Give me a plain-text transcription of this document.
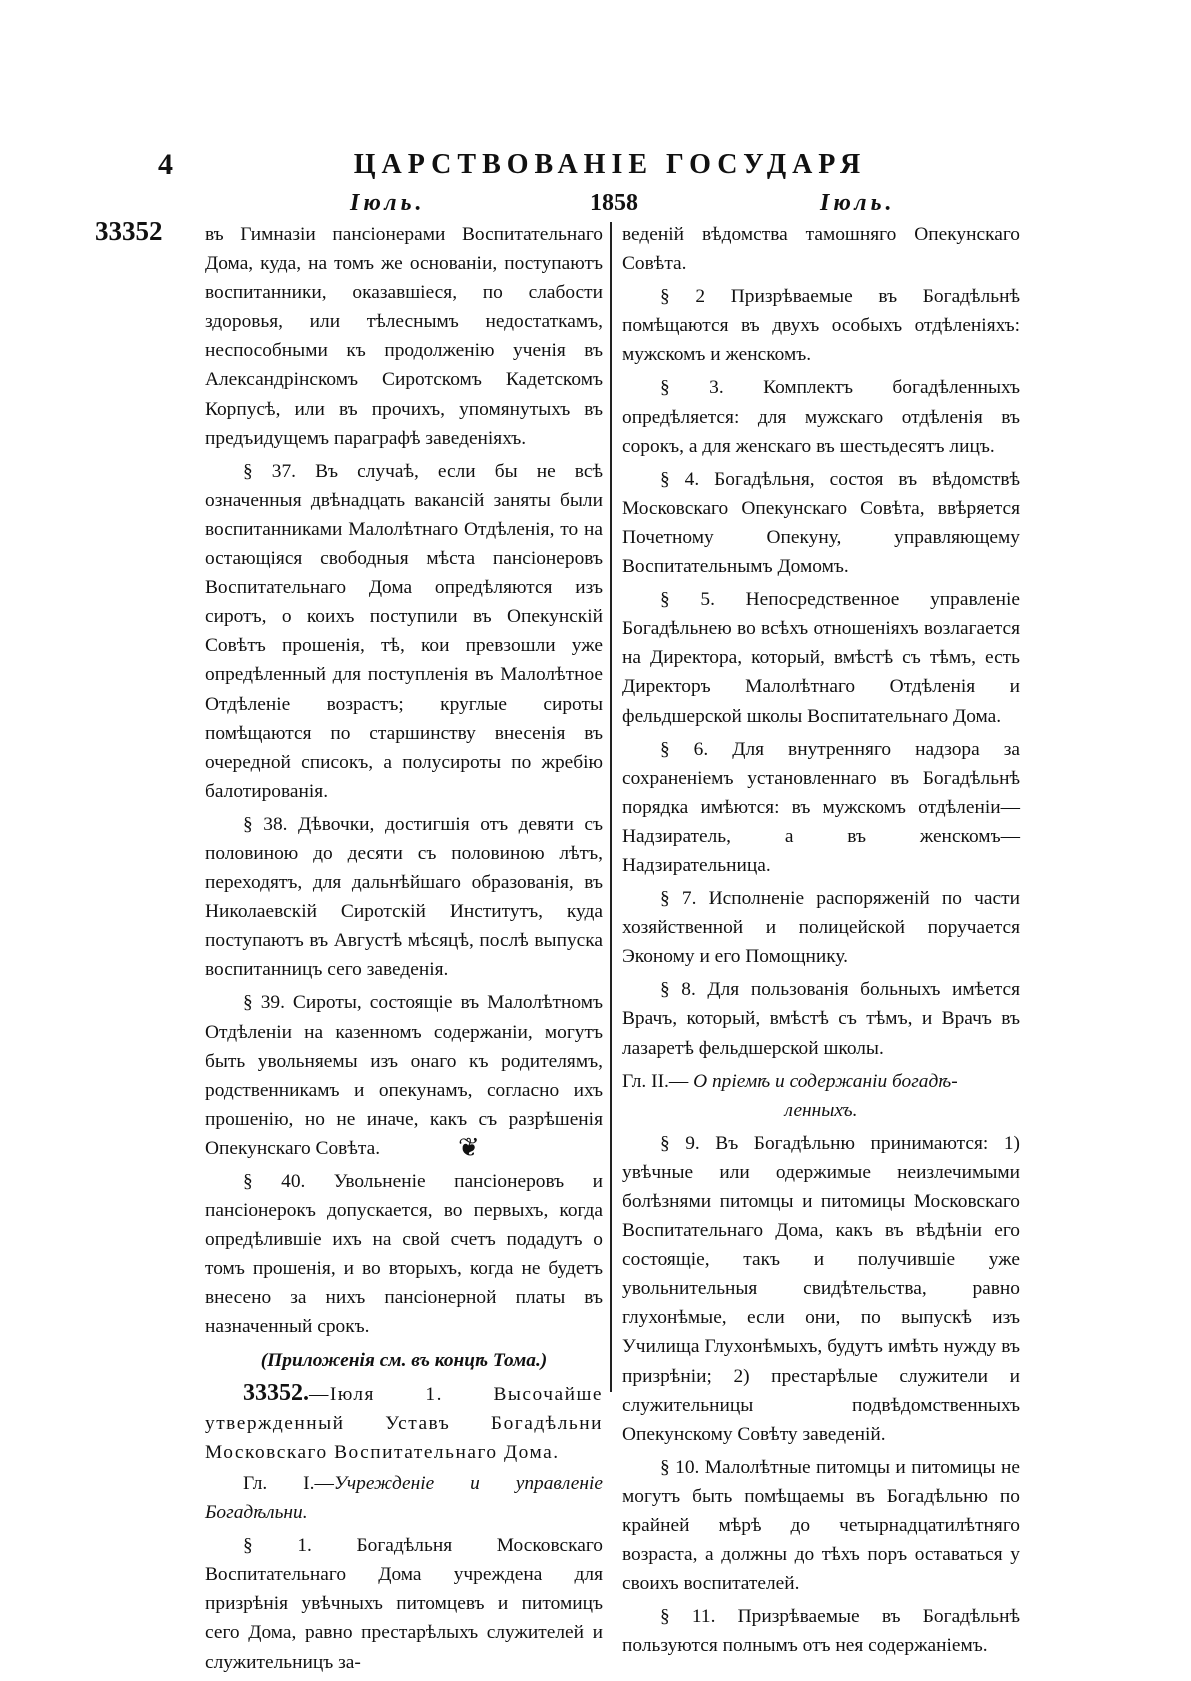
4	ЦАРСТВОВАНІЕ ГОСУДАРЯ
Іюль.	1858	Іюль.
33352 въ Гимназіи пансіонерами Воспитательнаго Дома, куда, на томъ же основаніи, поступаютъ воспитанники, оказавшіеся, по слабости здоровья, или тѣлеснымъ недостаткамъ, неспособными къ продолженію ученія въ Александрінскомъ Сиротскомъ Кадетскомъ Корпусѣ, или въ прочихъ, упомянутыхъ въ предъидущемъ параграфѣ заведеніяхъ.

§ 37. Въ случаѣ, если бы не всѣ означенныя двѣнадцать вакансій заняты были воспитанниками Малолѣтнаго Отдѣленія, то на остающіяся свободныя мѣста пансіонеровъ Воспитательнаго Дома опредѣляются изъ сиротъ, о коихъ поступили въ Опекунскій Совѣтъ прошенія, тѣ, кои превзошли уже опредѣленный для поступленія въ Малолѣтное Отдѣленіе возрастъ; круглые сироты помѣщаются по старшинству внесенія въ очередной списокъ, а полусироты по жребію балотированія.

§ 38. Дѣвочки, достигшія отъ девяти съ половиною до десяти съ половиною лѣтъ, переходятъ, для дальнѣйшаго образованія, въ Николаевскій Сиротскій Институтъ, куда поступаютъ въ Августѣ мѣсяцѣ, послѣ выпуска воспитанницъ сего заведенія.

§ 39. Сироты, состоящіе въ Малолѣтномъ Отдѣленіи на казенномъ содержаніи, могутъ быть увольняемы изъ онаго къ родителямъ, родственникамъ и опекунамъ, согласно ихъ прошенію, но не иначе, какъ съ разрѣшенія Опекунскаго Совѣта.

§ 40. Увольненіе пансіонеровъ и пансіонерокъ допускается, во первыхъ, когда опредѣлившіе ихъ на свой счетъ подадутъ о томъ прошенія, и во вторыхъ, когда не будетъ внесено за нихъ пансіонерной платы въ назначенный срокъ.

(Приложенія см. въ концѣ Тома.)

33352.—Іюля 1. Высочайше утвержденный Уставъ Богадѣльни Московскаго Воспитательнаго Дома.

Гл. I.—Учрежденіе и управленіе Богадѣльни.

§ 1. Богадѣльня Московскаго Воспитательнаго Дома учреждена для призрѣнія увѣчныхъ питомцевъ и питомицъ сего Дома, равно престарѣлыхъ служителей и служительницъ за-

веденій вѣдомства тамошняго Опекунскаго Совѣта.

§ 2 Призрѣваемые въ Богадѣльнѣ помѣщаются въ двухъ особыхъ отдѣленіяхъ: мужскомъ и женскомъ.

§ 3. Комплектъ богадѣленныхъ опредѣляется: для мужскаго отдѣленія въ сорокъ, а для женскаго въ шестьдесятъ лицъ.

§ 4. Богадѣльня, состоя въ вѣдомствѣ Московскаго Опекунскаго Совѣта, ввѣряется Почетному Опекуну, управляющему Воспитательнымъ Домомъ.

§ 5. Непосредственное управленіе Богадѣльнею во всѣхъ отношеніяхъ возлагается на Директора, который, вмѣстѣ съ тѣмъ, есть Директоръ Малолѣтнаго Отдѣленія и фельдшерской школы Воспитательнаго Дома.

§ 6. Для внутренняго надзора за сохраненіемъ установленнаго въ Богадѣльнѣ порядка имѣются: въ мужскомъ отдѣленіи—Надзиратель, а въ женскомъ—Надзирательница.

§ 7. Исполненіе распоряженій по части хозяйственной и полицейской поручается Эконому и его Помощнику.

§ 8. Для пользованія больныхъ имѣется Врачъ, который, вмѣстѣ съ тѣмъ, и Врачъ въ лазаретѣ фельдшерской школы.

Гл. II.— О пріемѣ и содержаніи богадѣ-

ленныхъ.

§ 9. Въ Богадѣльню принимаются: 1) увѣчные или одержимые неизлечимыми болѣзнями питомцы и питомицы Московскаго Воспитательнаго Дома, какъ въ вѣдѣніи его состоящіе, такъ и получившіе уже увольнительныя свидѣтельства, равно глухонѣмые, если они, по выпускѣ изъ Училища Глухонѣмыхъ, будутъ имѣть нужду въ призрѣніи; 2) престарѣлые служители и служительницы подвѣдомственныхъ Опекунскому Совѣту заведеній.

§ 10. Малолѣтные питомцы и питомицы не могутъ быть помѣщаемы въ Богадѣльню по крайней мѣрѣ до четырнадцатилѣтняго возраста, а должны до тѣхъ поръ оставаться у своихъ воспитателей.

§ 11. Призрѣваемые въ Богадѣльнѣ пользуются полнымъ отъ нея содержаніемъ.

❦
